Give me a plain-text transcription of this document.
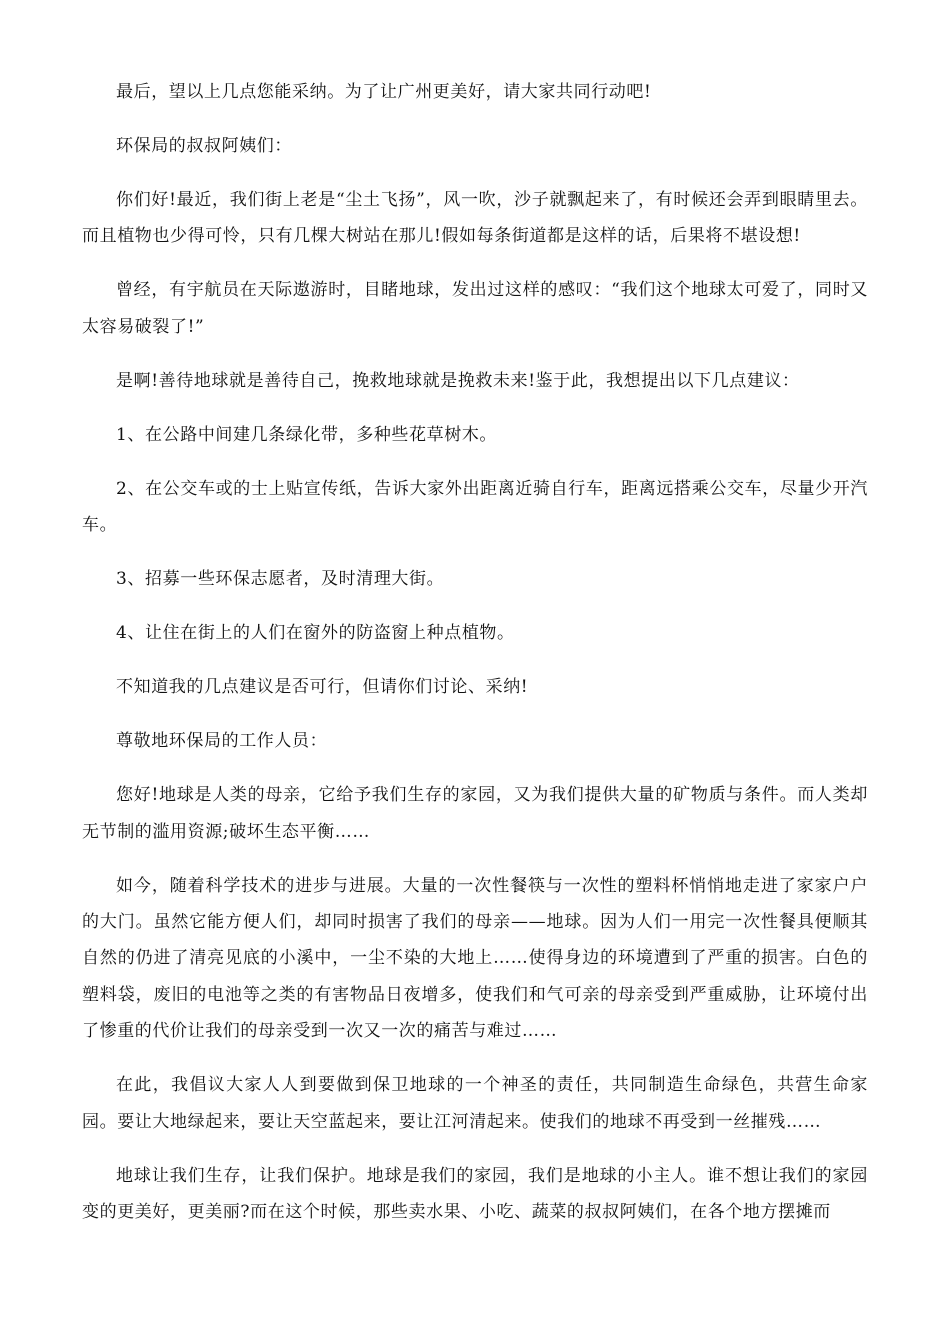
最后，望以上几点您能采纳。为了让广州更美好，请大家共同行动吧!

环保局的叔叔阿姨们：

你们好!最近，我们街上老是“尘土飞扬”，风一吹，沙子就飘起来了，有时候还会弄到眼睛里去。而且植物也少得可怜，只有几棵大树站在那儿!假如每条街道都是这样的话，后果将不堪设想!

曾经，有宇航员在天际遨游时，目睹地球，发出过这样的感叹：“我们这个地球太可爱了，同时又太容易破裂了!”

是啊!善待地球就是善待自己，挽救地球就是挽救未来!鉴于此，我想提出以下几点建议：

1、在公路中间建几条绿化带，多种些花草树木。

2、在公交车或的士上贴宣传纸，告诉大家外出距离近骑自行车，距离远搭乘公交车，尽量少开汽车。

3、招募一些环保志愿者，及时清理大街。

4、让住在街上的人们在窗外的防盗窗上种点植物。

不知道我的几点建议是否可行，但请你们讨论、采纳!

尊敬地环保局的工作人员：

您好!地球是人类的母亲，它给予我们生存的家园，又为我们提供大量的矿物质与条件。而人类却无节制的滥用资源;破坏生态平衡……

如今，随着科学技术的进步与进展。大量的一次性餐筷与一次性的塑料杯悄悄地走进了家家户户的大门。虽然它能方便人们，却同时损害了我们的母亲——地球。因为人们一用完一次性餐具便顺其自然的仍进了清亮见底的小溪中，一尘不染的大地上……使得身边的环境遭到了严重的损害。白色的塑料袋，废旧的电池等之类的有害物品日夜增多，使我们和气可亲的母亲受到严重威胁，让环境付出了惨重的代价让我们的母亲受到一次又一次的痛苦与难过……

在此，我倡议大家人人到要做到保卫地球的一个神圣的责任，共同制造生命绿色，共营生命家园。要让大地绿起来，要让天空蓝起来，要让江河清起来。使我们的地球不再受到一丝摧残……

地球让我们生存，让我们保护。地球是我们的家园，我们是地球的小主人。谁不想让我们的家园变的更美好，更美丽?而在这个时候，那些卖水果、小吃、蔬菜的叔叔阿姨们，在各个地方摆摊而
